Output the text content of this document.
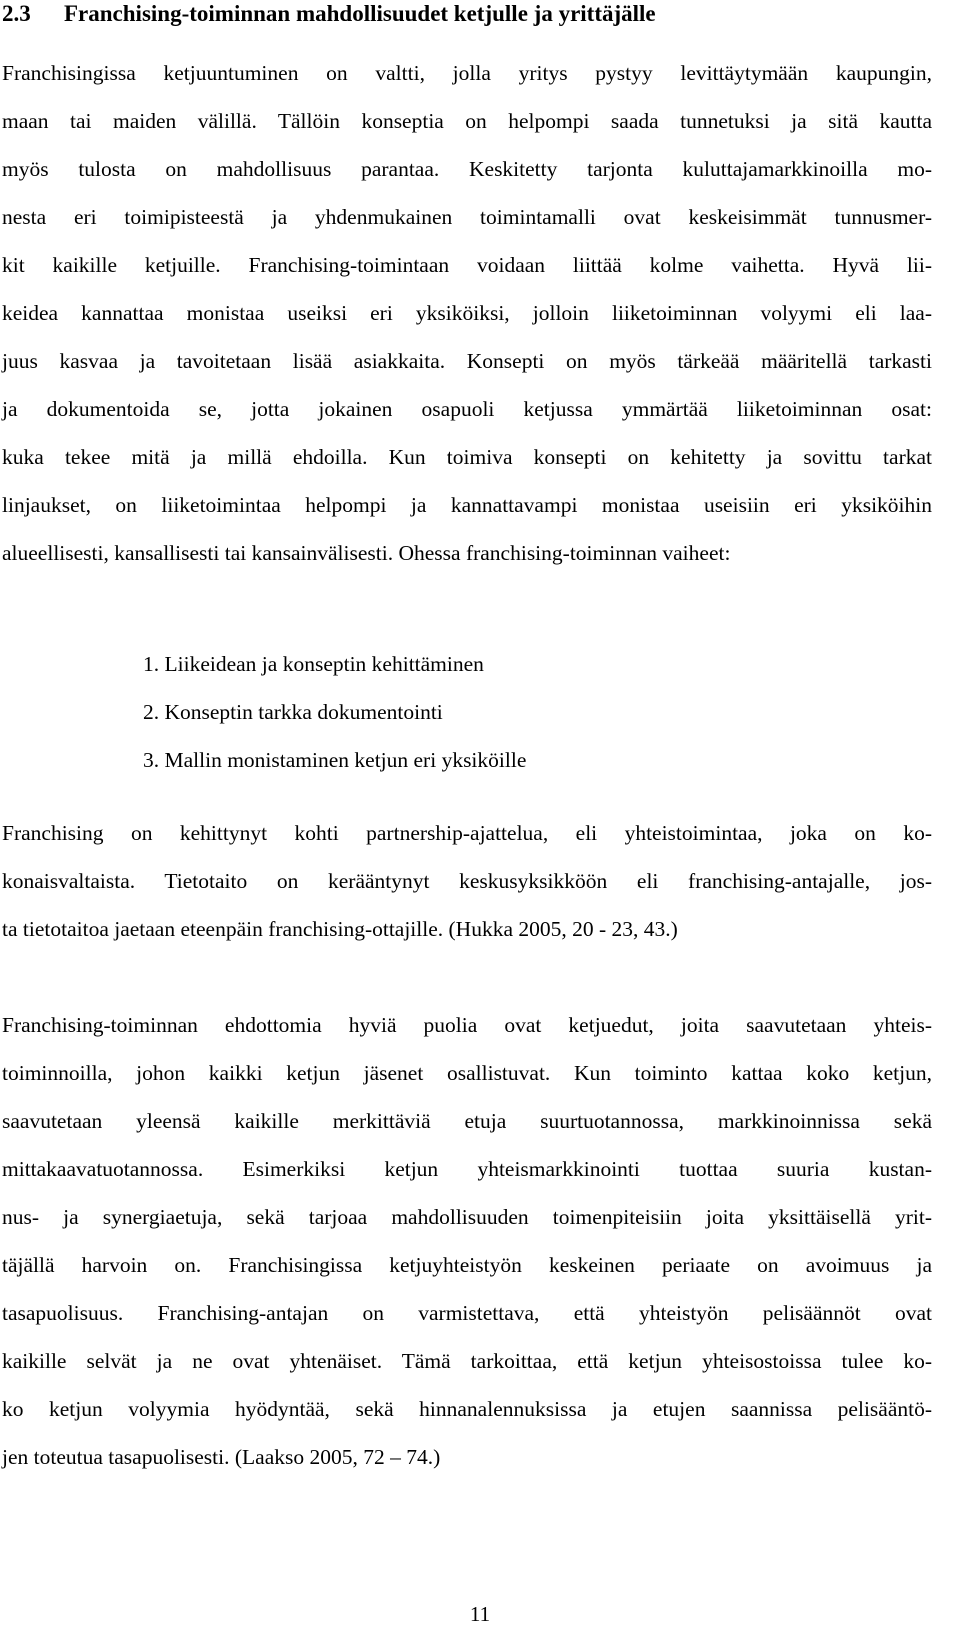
2.3 Franchising-toiminnan mahdollisuudet ketjulle ja yrittäjälle

Franchisingissa ketjuuntuminen on valtti, jolla yritys pystyy levittäytymään kaupungin,
maan tai maiden välillä. Tällöin konseptia on helpompi saada tunnetuksi ja sitä kautta
myös tulosta on mahdollisuus parantaa. Keskitetty tarjonta kuluttajamarkkinoilla mo-
nesta eri toimipisteestä ja yhdenmukainen toimintamalli ovat keskeisimmät tunnusmer-
kit kaikille ketjuille. Franchising-toimintaan voidaan liittää kolme vaihetta. Hyvä lii-
keidea kannattaa monistaa useiksi eri yksiköiksi, jolloin liiketoiminnan volyymi eli laa-
juus kasvaa ja tavoitetaan lisää asiakkaita. Konsepti on myös tärkeää määritellä tarkasti
ja dokumentoida se, jotta jokainen osapuoli ketjussa ymmärtää liiketoiminnan osat:
kuka tekee mitä ja millä ehdoilla. Kun toimiva konsepti on kehitetty ja sovittu tarkat
linjaukset, on liiketoimintaa helpompi ja kannattavampi monistaa useisiin eri yksiköihin
alueellisesti, kansallisesti tai kansainvälisesti. Ohessa franchising-toiminnan vaiheet:

1. Liikeidean ja konseptin kehittäminen
2. Konseptin tarkka dokumentointi
3. Mallin monistaminen ketjun eri yksiköille

Franchising on kehittynyt kohti partnership-ajattelua, eli yhteistoimintaa, joka on ko-
konaisvaltaista. Tietotaito on kerääntynyt keskusyksikköön eli franchising-antajalle, jos-
ta tietotaitoa jaetaan eteenpäin franchising-ottajille. (Hukka 2005, 20 - 23, 43.)

Franchising-toiminnan ehdottomia hyviä puolia ovat ketjuedut, joita saavutetaan yhteis-
toiminnoilla, johon kaikki ketjun jäsenet osallistuvat. Kun toiminto kattaa koko ketjun,
saavutetaan yleensä kaikille merkittäviä etuja suurtuotannossa, markkinoinnissa sekä
mittakaavatuotannossa. Esimerkiksi ketjun yhteismarkkinointi tuottaa suuria kustan-
nus- ja synergiaetuja, sekä tarjoaa mahdollisuuden toimenpiteisiin joita yksittäisellä yrit-
täjällä harvoin on. Franchisingissa ketjuyhteistyön keskeinen periaate on avoimuus ja
tasapuolisuus. Franchising-antajan on varmistettava, että yhteistyön pelisäännöt ovat
kaikille selvät ja ne ovat yhtenäiset. Tämä tarkoittaa, että ketjun yhteisostoissa tulee ko-
ko ketjun volyymia hyödyntää, sekä hinnanalennuksissa ja etujen saannissa pelisääntö-
jen toteutua tasapuolisesti. (Laakso 2005, 72 – 74.)

11
